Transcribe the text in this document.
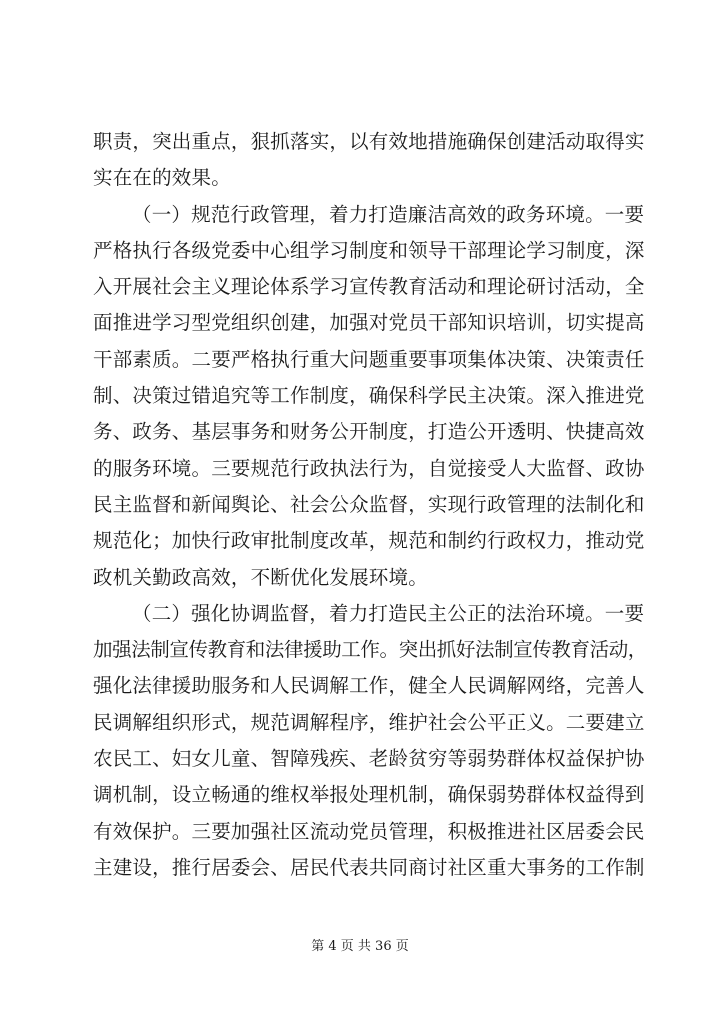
职责，突出重点，狠抓落实，以有效地措施确保创建活动取得实
实在在的效果。
（一）规范行政管理，着力打造廉洁高效的政务环境。一要
严格执行各级党委中心组学习制度和领导干部理论学习制度，深
入开展社会主义理论体系学习宣传教育活动和理论研讨活动，全
面推进学习型党组织创建，加强对党员干部知识培训，切实提高
干部素质。二要严格执行重大问题重要事项集体决策、决策责任
制、决策过错追究等工作制度，确保科学民主决策。深入推进党
务、政务、基层事务和财务公开制度，打造公开透明、快捷高效
的服务环境。三要规范行政执法行为，自觉接受人大监督、政协
民主监督和新闻舆论、社会公众监督，实现行政管理的法制化和
规范化；加快行政审批制度改革，规范和制约行政权力，推动党
政机关勤政高效，不断优化发展环境。
（二）强化协调监督，着力打造民主公正的法治环境。一要
加强法制宣传教育和法律援助工作。突出抓好法制宣传教育活动，
强化法律援助服务和人民调解工作，健全人民调解网络，完善人
民调解组织形式，规范调解程序，维护社会公平正义。二要建立
农民工、妇女儿童、智障残疾、老龄贫穷等弱势群体权益保护协
调机制，设立畅通的维权举报处理机制，确保弱势群体权益得到
有效保护。三要加强社区流动党员管理，积极推进社区居委会民
主建设，推行居委会、居民代表共同商讨社区重大事务的工作制
第 4 页 共 36 页
